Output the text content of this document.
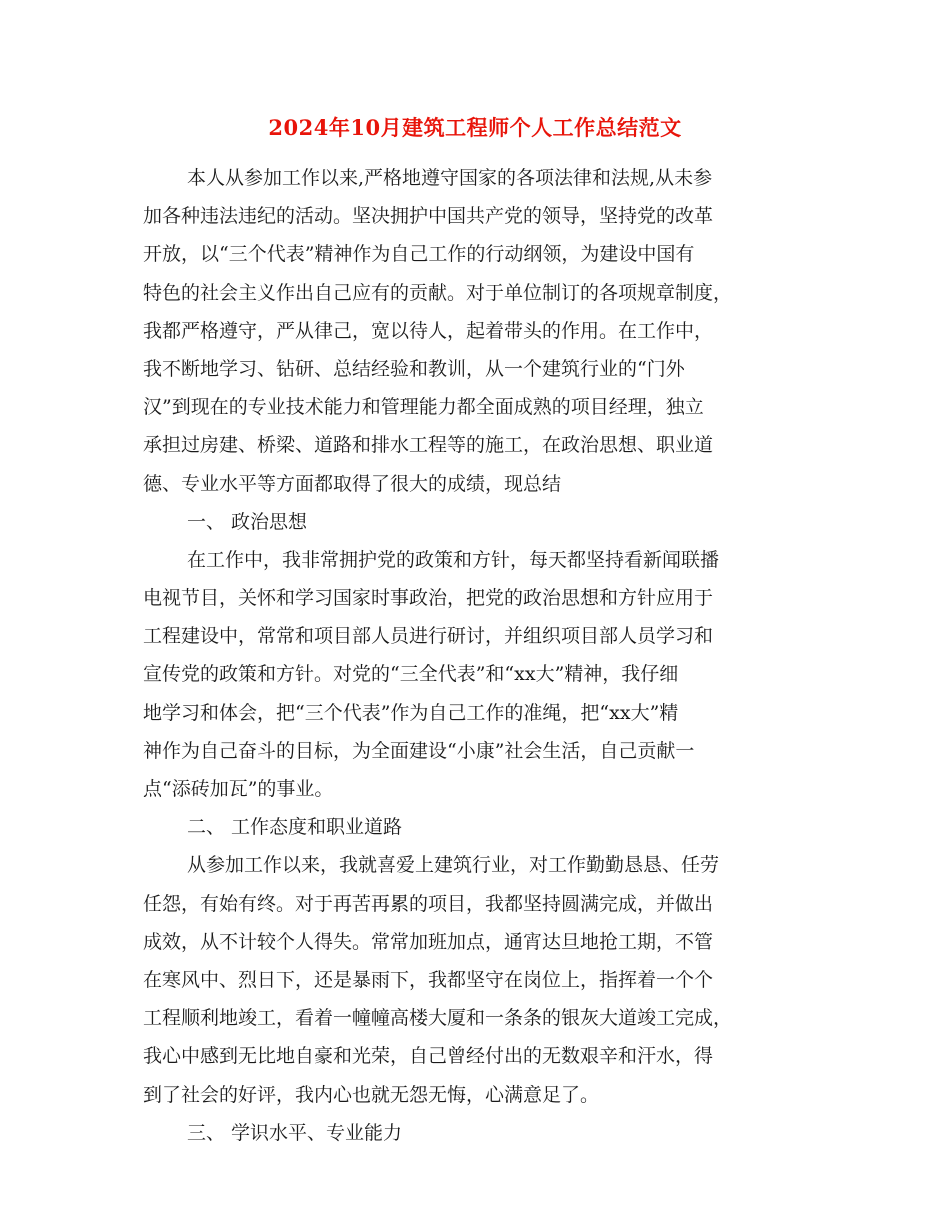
2024年10月建筑工程师个人工作总结范文
本人从参加工作以来,严格地遵守国家的各项法律和法规,从未参
加各种违法违纪的活动。坚决拥护中国共产党的领导，坚持党的改革
开放，以“三个代表”精神作为自己工作的行动纲领，为建设中国有
特色的社会主义作出自己应有的贡献。对于单位制订的各项规章制度，
我都严格遵守，严从律己，宽以待人，起着带头的作用。在工作中，
我不断地学习、钻研、总结经验和教训，从一个建筑行业的“门外
汉”到现在的专业技术能力和管理能力都全面成熟的项目经理，独立
承担过房建、桥梁、道路和排水工程等的施工，在政治思想、职业道
德、专业水平等方面都取得了很大的成绩，现总结
一、 政治思想
在工作中，我非常拥护党的政策和方针，每天都坚持看新闻联播
电视节目，关怀和学习国家时事政治，把党的政治思想和方针应用于
工程建设中，常常和项目部人员进行研讨，并组织项目部人员学习和
宣传党的政策和方针。对党的“三全代表”和“xx大”精神，我仔细
地学习和体会，把“三个代表”作为自己工作的准绳，把“xx大”精
神作为自己奋斗的目标，为全面建设“小康”社会生活，自己贡献一
点“添砖加瓦”的事业。
二、 工作态度和职业道路
从参加工作以来，我就喜爱上建筑行业，对工作勤勤恳恳、任劳
任怨，有始有终。对于再苦再累的项目，我都坚持圆满完成，并做出
成效，从不计较个人得失。常常加班加点，通宵达旦地抢工期，不管
在寒风中、烈日下，还是暴雨下，我都坚守在岗位上，指挥着一个个
工程顺利地竣工，看着一幢幢高楼大厦和一条条的银灰大道竣工完成，
我心中感到无比地自豪和光荣，自己曾经付出的无数艰辛和汗水，得
到了社会的好评，我内心也就无怨无悔，心满意足了。
三、 学识水平、专业能力
